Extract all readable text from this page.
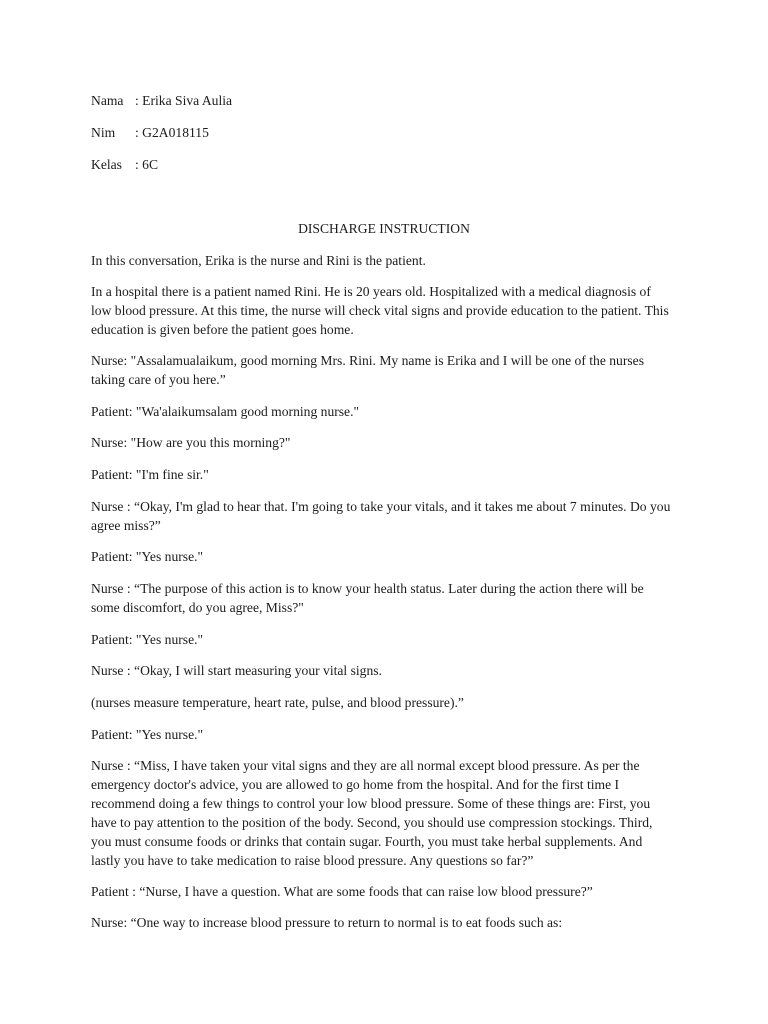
Nama : Erika Siva Aulia
Nim : G2A018115
Kelas : 6C
DISCHARGE INSTRUCTION

In this conversation, Erika is the nurse and Rini is the patient.

In a hospital there is a patient named Rini. He is 20 years old. Hospitalized with a medical diagnosis of low blood pressure. At this time, the nurse will check vital signs and provide education to the patient. This education is given before the patient goes home.

Nurse: "Assalamualaikum, good morning Mrs. Rini. My name is Erika and I will be one of the nurses taking care of you here.”

Patient: "Wa'alaikumsalam good morning nurse."

Nurse: "How are you this morning?"

Patient: "I'm fine sir."

Nurse : “Okay, I'm glad to hear that. I'm going to take your vitals, and it takes me about 7 minutes. Do you agree miss?”

Patient: "Yes nurse."

Nurse : “The purpose of this action is to know your health status. Later during the action there will be some discomfort, do you agree, Miss?"

Patient: "Yes nurse."

Nurse : “Okay, I will start measuring your vital signs.

(nurses measure temperature, heart rate, pulse, and blood pressure).”

Patient: "Yes nurse."

Nurse : “Miss, I have taken your vital signs and they are all normal except blood pressure. As per the emergency doctor's advice, you are allowed to go home from the hospital. And for the first time I recommend doing a few things to control your low blood pressure. Some of these things are: First, you have to pay attention to the position of the body. Second, you should use compression stockings. Third, you must consume foods or drinks that contain sugar. Fourth, you must take herbal supplements. And lastly you have to take medication to raise blood pressure. Any questions so far?”

Patient : “Nurse, I have a question. What are some foods that can raise low blood pressure?”

Nurse: “One way to increase blood pressure to return to normal is to eat foods such as:
